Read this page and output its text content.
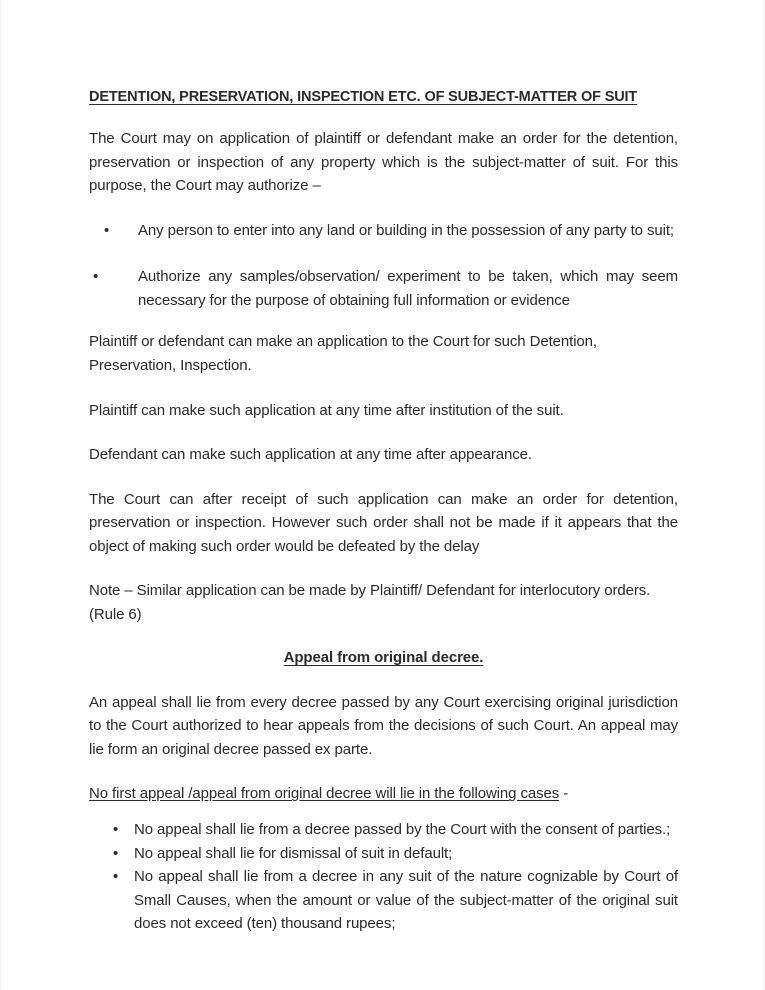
DETENTION, PRESERVATION, INSPECTION ETC. OF SUBJECT-MATTER OF SUIT

The Court may on application of plaintiff or defendant make an order for the detention, preservation or inspection of any property which is the subject-matter of suit. For this purpose, the Court may authorize –

• Any person to enter into any land or building in the possession of any party to suit;
•	Authorize any samples/observation/ experiment to be taken, which may seem necessary for the purpose of obtaining full information or evidence

Plaintiff or defendant can make an application to the Court for such Detention, Preservation, Inspection.

Plaintiff can make such application at any time after institution of the suit.

Defendant can make such application at any time after appearance.

The Court can after receipt of such application can make an order for detention, preservation or inspection. However such order shall not be made if it appears that the object of making such order would be defeated by the delay

Note – Similar application can be made by Plaintiff/ Defendant for interlocutory orders. (Rule 6)

Appeal from original decree.

An appeal shall lie from every decree passed by any Court exercising original jurisdiction to the Court authorized to hear appeals from the decisions of such Court. An appeal may lie form an original decree passed ex parte.

No first appeal /appeal from original decree will lie in the following cases -

• No appeal shall lie from a decree passed by the Court with the consent of parties.;
• No appeal shall lie for dismissal of suit in default;
• No appeal shall lie from a decree in any suit of the nature cognizable by Court of Small Causes, when the amount or value of the subject-matter of the original suit does not exceed (ten) thousand rupees;
